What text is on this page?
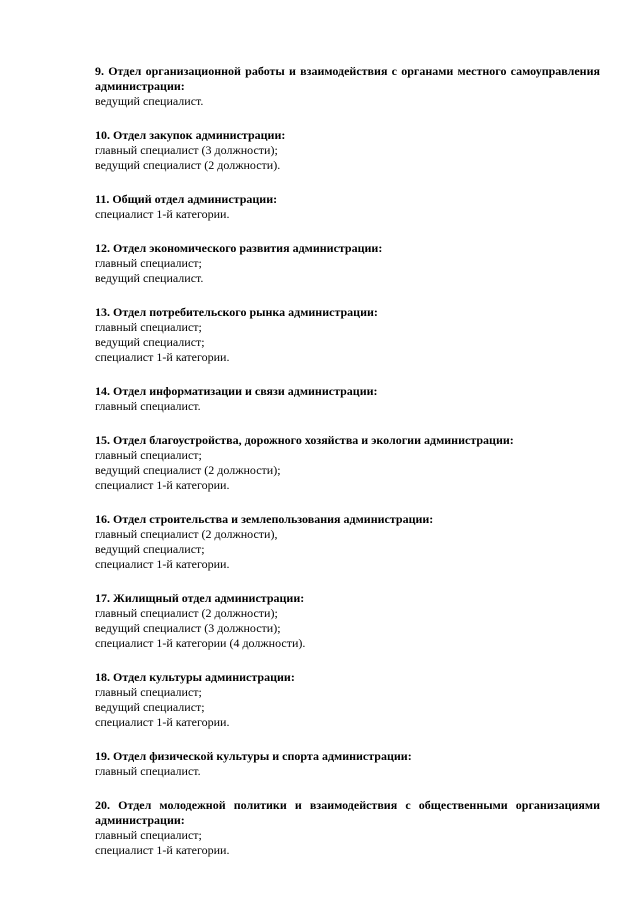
9. Отдел организационной работы и взаимодействия с органами местного самоуправления администрации:

ведущий специалист.

10. Отдел закупок администрации:

главный специалист (3 должности);

ведущий специалист (2 должности).

11. Общий отдел администрации:

специалист 1-й категории.

12. Отдел экономического развития администрации:

главный специалист;

ведущий специалист.

13. Отдел потребительского рынка администрации:

главный специалист;

ведущий специалист;

специалист 1-й категории.

14. Отдел информатизации и связи администрации:

главный специалист.

15. Отдел благоустройства, дорожного хозяйства и экологии администрации:

главный специалист;

ведущий специалист (2 должности);

специалист 1-й категории.

16. Отдел строительства и землепользования администрации:

главный специалист (2 должности),

ведущий специалист;

специалист 1-й категории.

17. Жилищный отдел администрации:

главный специалист (2 должности);

ведущий специалист (3 должности);

специалист 1-й категории (4 должности).

18. Отдел культуры администрации:

главный специалист;

ведущий специалист;

специалист 1-й категории.

19. Отдел физической культуры и спорта администрации:

главный специалист.

20. Отдел молодежной политики и взаимодействия с общественными организациями администрации:

главный специалист;

специалист 1-й категории.
